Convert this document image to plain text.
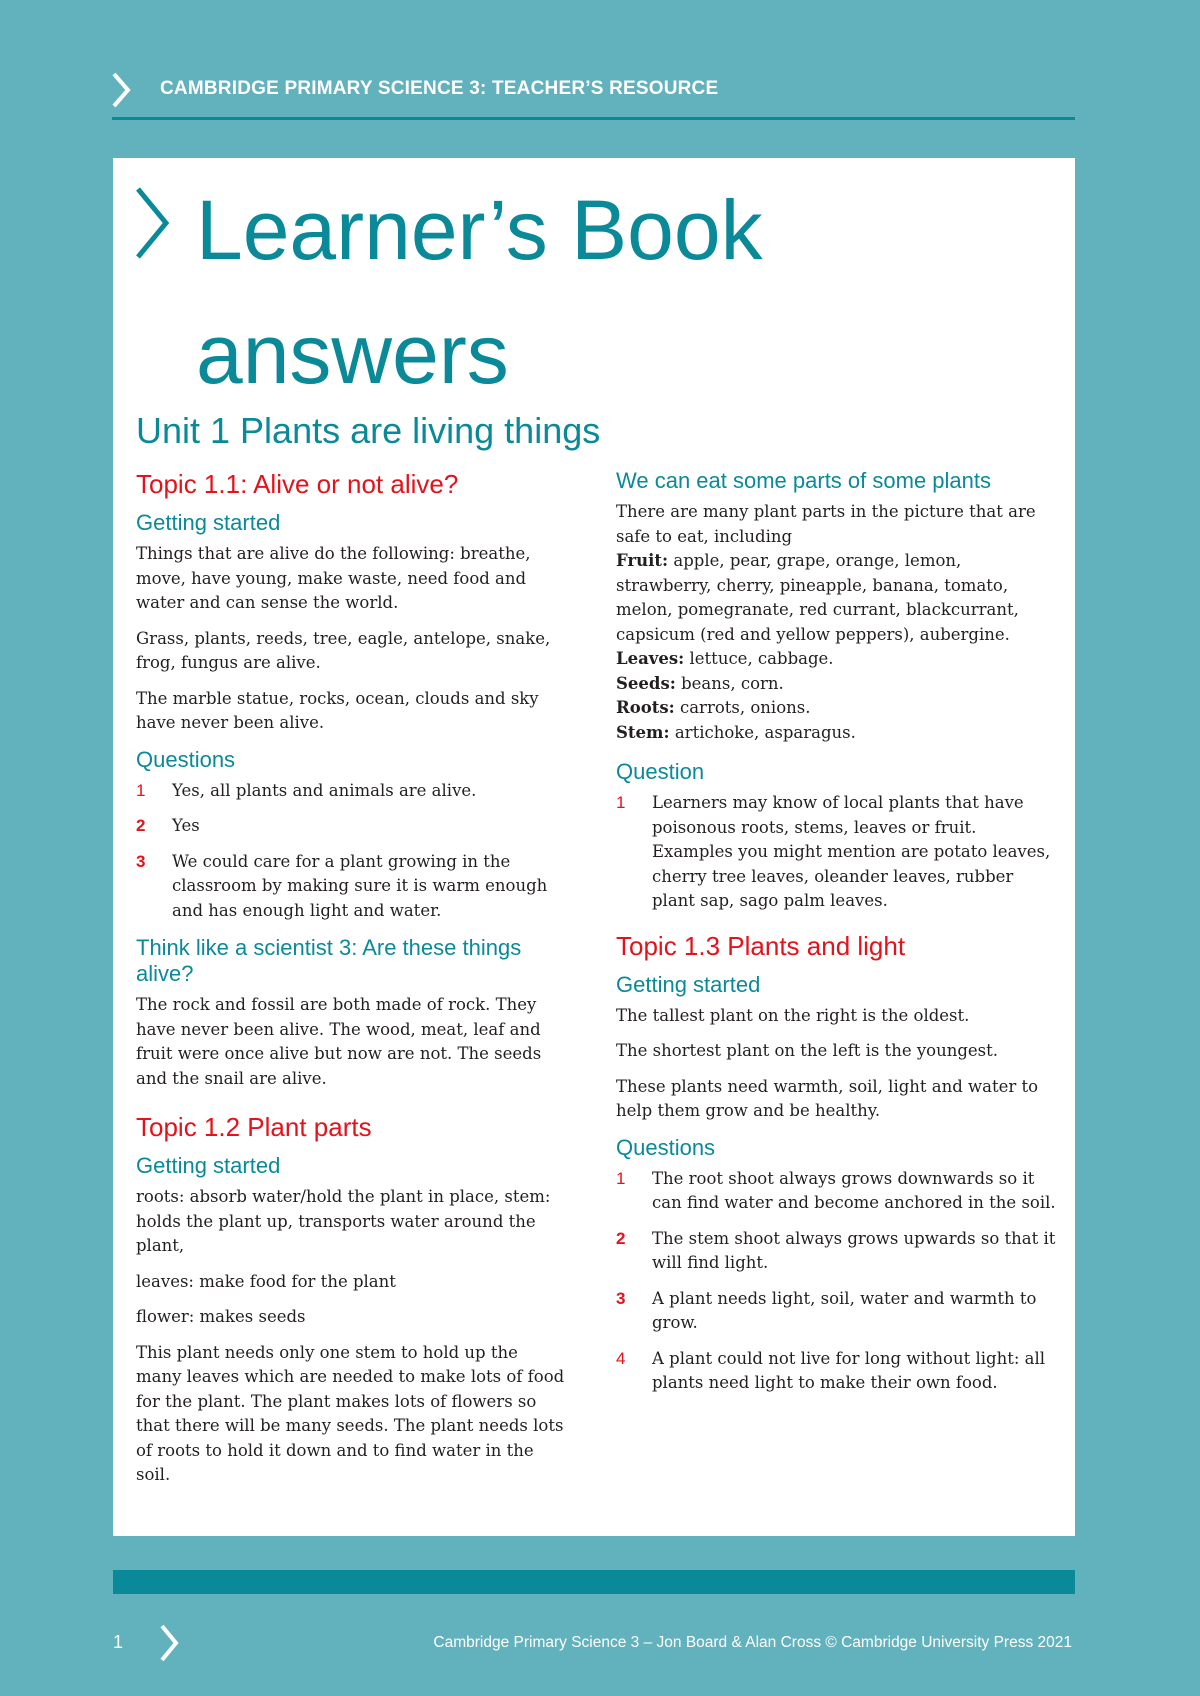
CAMBRIDGE PRIMARY SCIENCE 3: TEACHER’S RESOURCE
Learner’s Book
answers
Unit 1 Plants are living things
Topic 1.1: Alive or not alive?
Getting started

Things that are alive do the following: breathe, move, have young, make waste, need food and water and can sense the world.

Grass, plants, reeds, tree, eagle, antelope, snake, frog, fungus are alive.

The marble statue, rocks, ocean, clouds and sky have never been alive.

Questions
1	Yes, all plants and animals are alive.
2	Yes
3	We could care for a plant growing in the classroom by making sure it is warm enough and has enough light and water.
Think like a scientist 3: Are these things alive?

The rock and fossil are both made of rock. They have never been alive. The wood, meat, leaf and fruit were once alive but now are not. The seeds and the snail are alive.

Topic 1.2 Plant parts
Getting started

roots: absorb water/hold the plant in place, stem: holds the plant up, transports water around the plant,

leaves: make food for the plant

flower: makes seeds

This plant needs only one stem to hold up the many leaves which are needed to make lots of food for the plant. The plant makes lots of flowers so that there will be many seeds. The plant needs lots of roots to hold it down and to find water in the soil.

We can eat some parts of some plants

There are many plant parts in the picture that are safe to eat, including

Fruit: apple, pear, grape, orange, lemon, strawberry, cherry, pineapple, banana, tomato, melon, pomegranate, red currant, blackcurrant, capsicum (red and yellow peppers), aubergine.

Leaves: lettuce, cabbage.

Seeds: beans, corn.

Roots: carrots, onions.

Stem: artichoke, asparagus.

Question
1	Learners may know of local plants that have poisonous roots, stems, leaves or fruit. Examples you might mention are potato leaves, cherry tree leaves, oleander leaves, rubber plant sap, sago palm leaves.
Topic 1.3 Plants and light
Getting started

The tallest plant on the right is the oldest.

The shortest plant on the left is the youngest.

These plants need warmth, soil, light and water to help them grow and be healthy.

Questions
1	The root shoot always grows downwards so it can find water and become anchored in the soil.
2	The stem shoot always grows upwards so that it will find light.
3	A plant needs light, soil, water and warmth to grow.
4	A plant could not live for long without light: all plants need light to make their own food.
1	Cambridge Primary Science 3 – Jon Board & Alan Cross © Cambridge University Press 2021
